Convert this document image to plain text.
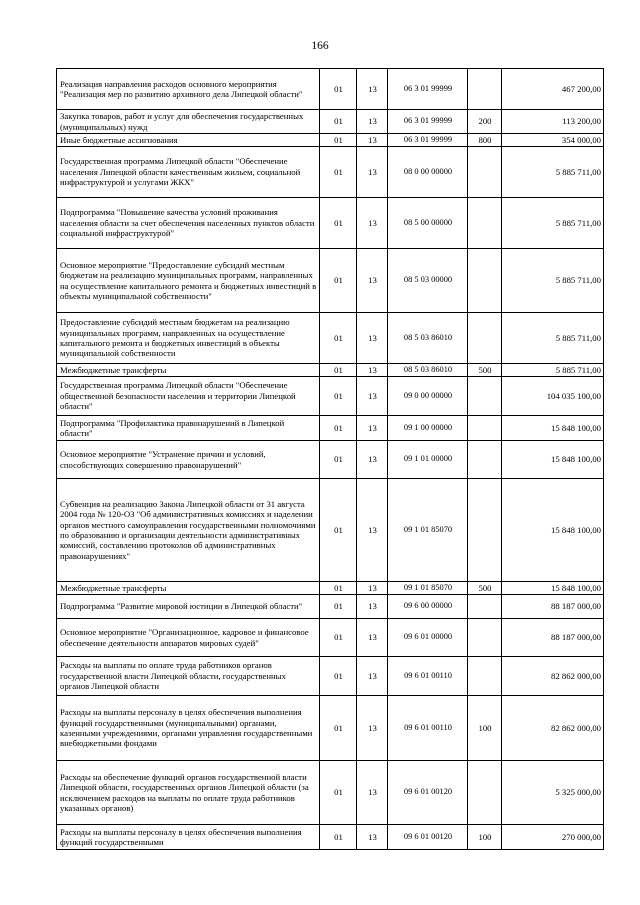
166
Реализация направления расходов основного мероприятия "Реализация мер по развитию архивного дела Липецкой области"	01	13	06 3 01 99999		467 200,00
Закупка товаров, работ и услуг для обеспечения государственных (муниципальных) нужд	01	13	06 3 01 99999	200	113 200,00
Иные бюджетные ассигнования	01	13	06 3 01 99999	800	354 000,00
Государственная программа Липецкой области "Обеспечение населения Липецкой области качественным жильем, социальной инфраструктурой и услугами ЖКХ"	01	13	08 0 00 00000		5 885 711,00
Подпрограмма "Повышение качества условий проживания населения области за счет обеспечения населенных пунктов области социальной инфраструктурой"	01	13	08 5 00 00000		5 885 711,00
Основное мероприятие "Предоставление субсидий местным бюджетам на реализацию муниципальных программ, направленных на осуществление капитального ремонта и бюджетных инвестиций в объекты муниципальной собственности"	01	13	08 5 03 00000		5 885 711,00
Предоставление субсидий местным бюджетам на реализацию муниципальных программ, направленных на осуществление капитального ремонта и бюджетных инвестиций в объекты муниципальной собственности	01	13	08 5 03 86010		5 885 711,00
Межбюджетные трансферты	01	13	08 5 03 86010	500	5 885 711,00
Государственная программа Липецкой области "Обеспечение общественной безопасности населения и территории Липецкой области"	01	13	09 0 00 00000		104 035 100,00
Подпрограмма "Профилактика правонарушений в Липецкой области"	01	13	09 1 00 00000		15 848 100,00
Основное мероприятие "Устранение причин и условий, способствующих совершению правонарушений"	01	13	09 1 01 00000		15 848 100,00
Субвенция на реализацию Закона Липецкой области от 31 августа 2004 года № 120-ОЗ "Об административных комиссиях и наделении органов местного самоуправления государственными полномочиями по образованию и организации деятельности административных комиссий, составлению протоколов об административных правонарушениях"	01	13	09 1 01 85070		15 848 100,00
Межбюджетные трансферты	01	13	09 1 01 85070	500	15 848 100,00
Подпрограмма "Развитие мировой юстиции в Липецкой области"	01	13	09 6 00 00000		88 187 000,00
Основное мероприятие "Организационное, кадровое и финансовое обеспечение деятельности аппаратов мировых судей"	01	13	09 6 01 00000		88 187 000,00
Расходы на выплаты по оплате труда работников органов государственной власти Липецкой области, государственных органов Липецкой области	01	13	09 6 01 00110		82 862 000,00
Расходы на выплаты персоналу в целях обеспечения выполнения функций государственными (муниципальными) органами, казенными учреждениями, органами управления государственными внебюджетными фондами	01	13	09 6 01 00110	100	82 862 000,00
Расходы на обеспечение функций органов государственной власти Липецкой области, государственных органов Липецкой области (за исключением расходов на выплаты по оплате труда работников указанных органов)	01	13	09 6 01 00120		5 325 000,00
Расходы на выплаты персоналу в целях обеспечения выполнения функций государственными	01	13	09 6 01 00120	100	270 000,00
